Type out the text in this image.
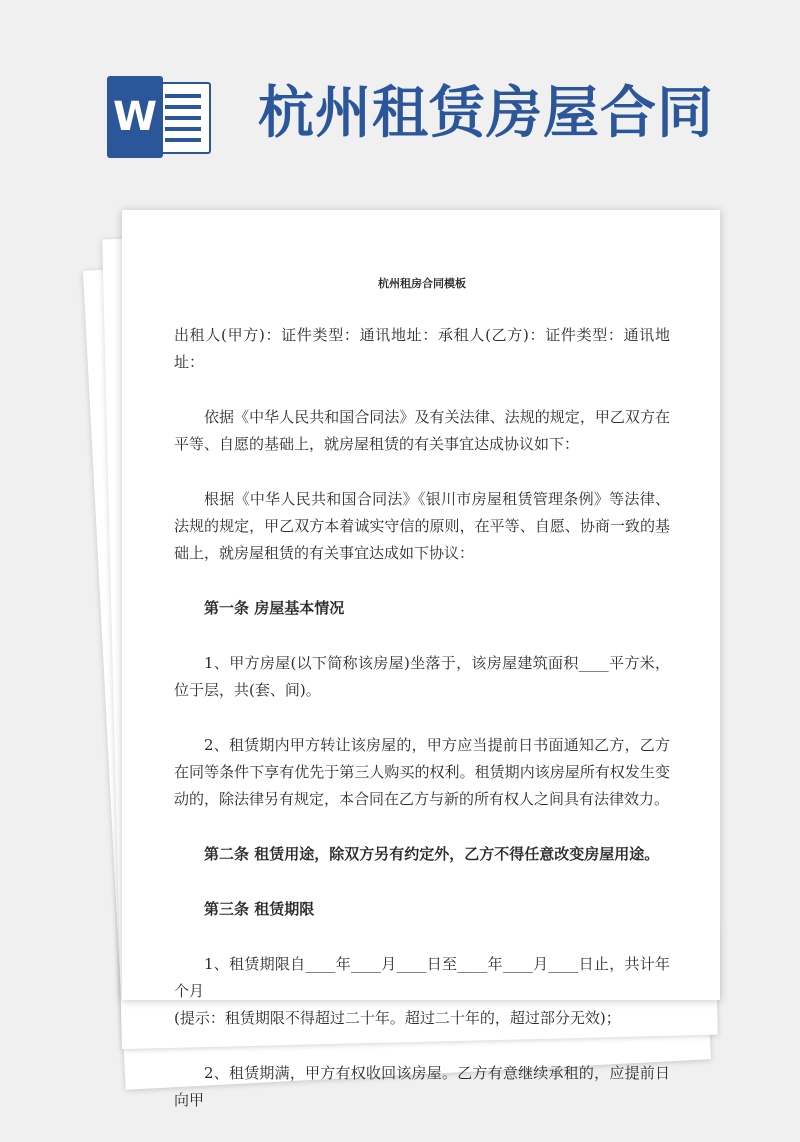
W 杭州租赁房屋合同
杭州租房合同模板

出租人(甲方)：证件类型：通讯地址：承租人(乙方)：证件类型：通讯地址：

依据《中华人民共和国合同法》及有关法律、法规的规定，甲乙双方在平等、自愿的基础上，就房屋租赁的有关事宜达成协议如下：

根据《中华人民共和国合同法》《银川市房屋租赁管理条例》等法律、法规的规定，甲乙双方本着诚实守信的原则，在平等、自愿、协商一致的基础上，就房屋租赁的有关事宜达成如下协议：

第一条 房屋基本情况

1、甲方房屋(以下简称该房屋)坐落于，该房屋建筑面积____平方米，位于层，共(套、间)。

2、租赁期内甲方转让该房屋的，甲方应当提前日书面通知乙方，乙方在同等条件下享有优先于第三人购买的权利。租赁期内该房屋所有权发生变动的，除法律另有规定，本合同在乙方与新的所有权人之间具有法律效力。

第二条 租赁用途，除双方另有约定外，乙方不得任意改变房屋用途。

第三条 租赁期限

1、租赁期限自____年____月____日至____年____月____日止，共计年个月

(提示：租赁期限不得超过二十年。超过二十年的，超过部分无效)；

2、租赁期满，甲方有权收回该房屋。乙方有意继续承租的，应提前日向甲
